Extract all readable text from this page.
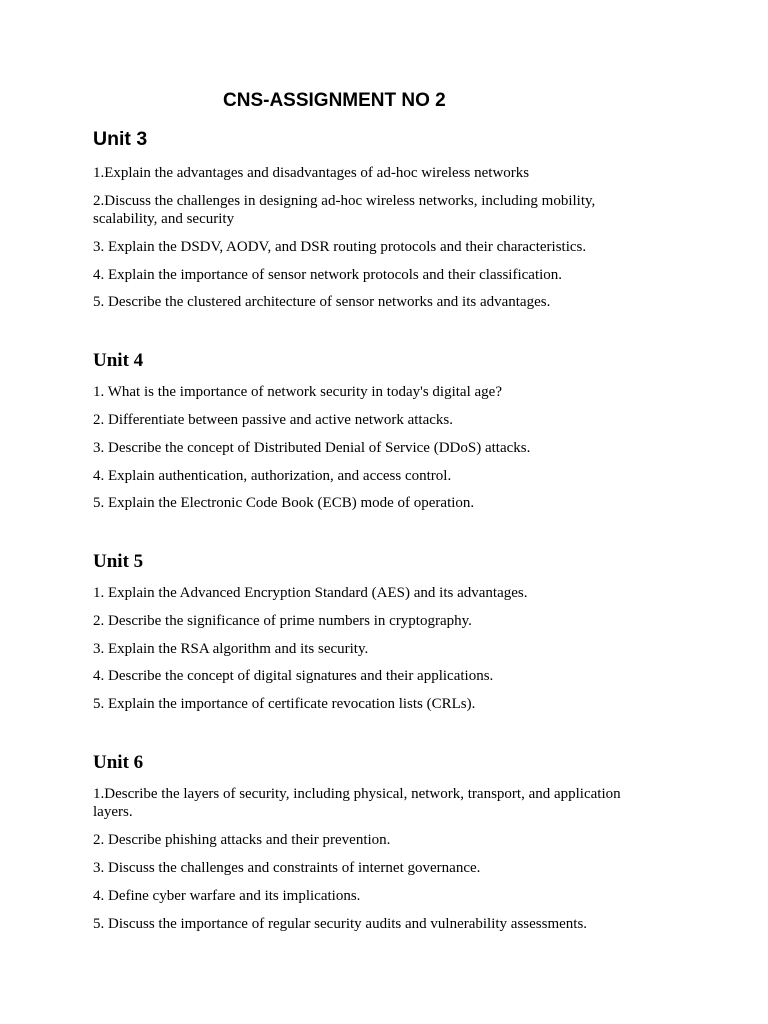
CNS-ASSIGNMENT NO 2
Unit 3
1.Explain the advantages and disadvantages of ad-hoc wireless networks
2.Discuss the challenges in designing ad-hoc wireless networks, including mobility, scalability, and security
3. Explain the DSDV, AODV, and DSR routing protocols and their characteristics.
4. Explain the importance of sensor network protocols and their classification.
5. Describe the clustered architecture of sensor networks and its advantages.
Unit 4
1. What is the importance of network security in today's digital age?
2. Differentiate between passive and active network attacks.
3. Describe the concept of Distributed Denial of Service (DDoS) attacks.
4. Explain authentication, authorization, and access control.
5. Explain the Electronic Code Book (ECB) mode of operation.
Unit 5
1. Explain the Advanced Encryption Standard (AES) and its advantages.
2. Describe the significance of prime numbers in cryptography.
3. Explain the RSA algorithm and its security.
4. Describe the concept of digital signatures and their applications.
5. Explain the importance of certificate revocation lists (CRLs).
Unit 6
1.Describe the layers of security, including physical, network, transport, and application layers.
2. Describe phishing attacks and their prevention.
3. Discuss the challenges and constraints of internet governance.
4. Define cyber warfare and its implications.
5. Discuss the importance of regular security audits and vulnerability assessments.
